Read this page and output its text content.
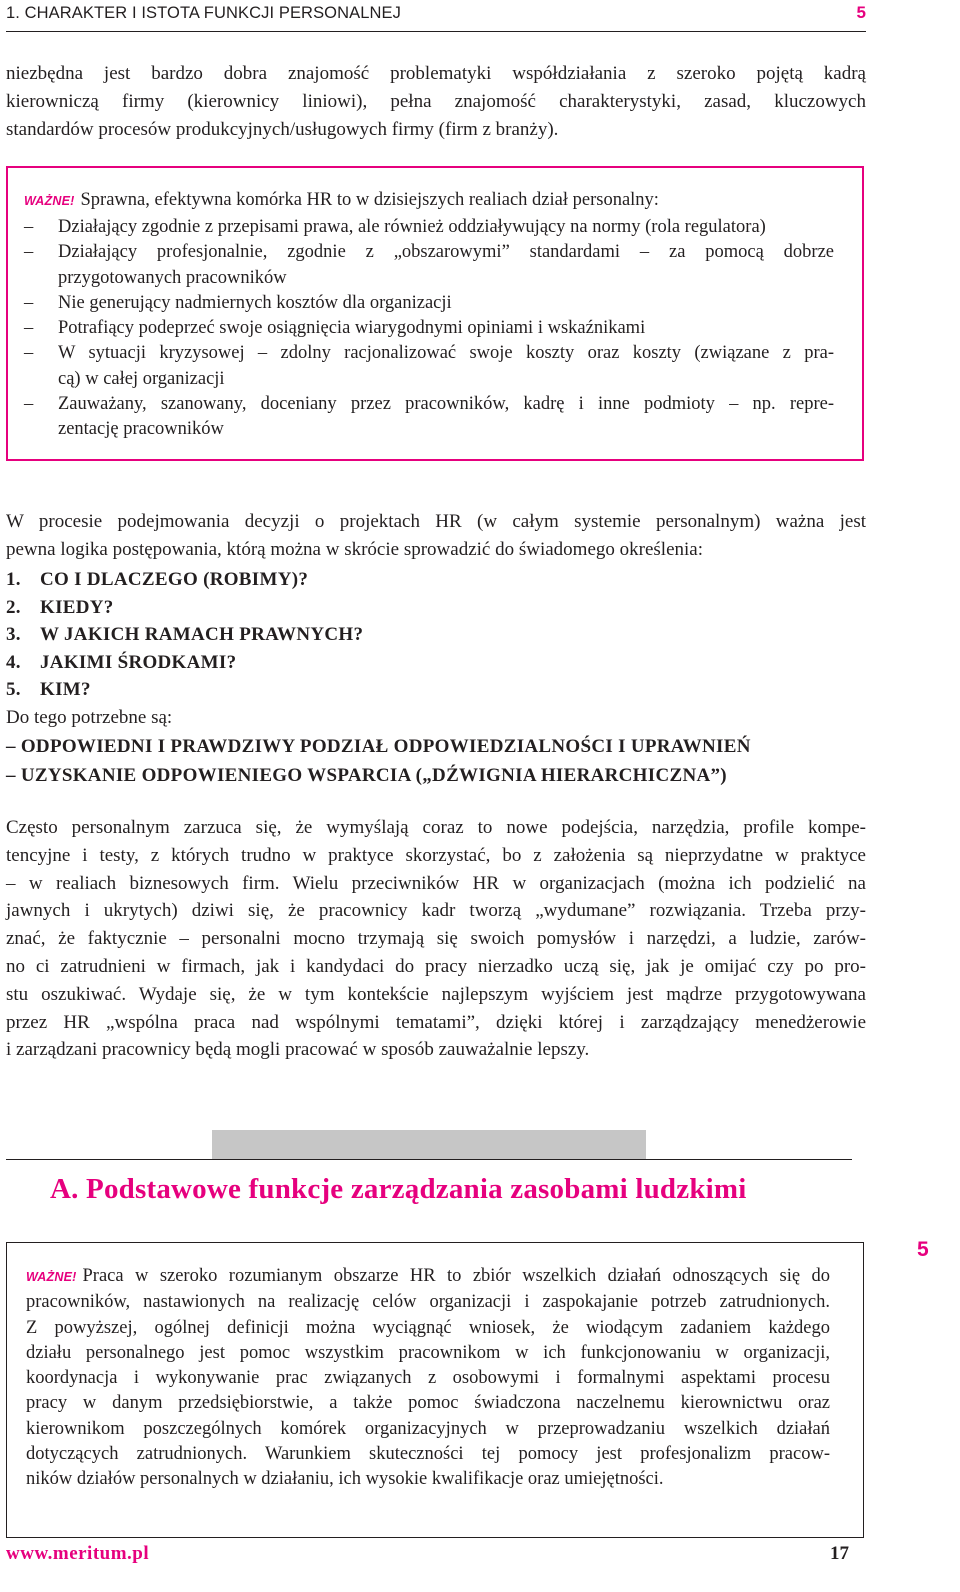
1. CHARAKTER I ISTOTA FUNKCJI PERSONALNEJ	5

niezbędna jest bardzo dobra znajomość problematyki współdziałania z szeroko pojętą kadrą
kierowniczą firmy (kierownicy liniowi), pełna znajomość charakterystyki, zasad, kluczowych
standardów procesów produkcyjnych/usługowych firmy (firm z branży).

WAŻNE! Sprawna, efektywna komórka HR to w dzisiejszych realiach dział personalny:

– Działający zgodnie z przepisami prawa, ale również oddziaływujący na normy (rola regulatora)
– Działający profesjonalnie, zgodnie z „obszarowymi” standardami – za pomocą dobrze
przygotowanych pracowników
– Nie generujący nadmiernych kosztów dla organizacji
– Potrafiący podeprzeć swoje osiągnięcia wiarygodnymi opiniami i wskaźnikami
– W sytuacji kryzysowej – zdolny racjonalizować swoje koszty oraz koszty (związane z pra-
cą) w całej organizacji
– Zauważany, szanowany, doceniany przez pracowników, kadrę i inne podmioty – np. repre-
zentację pracowników

W procesie podejmowania decyzji o projektach HR (w całym systemie personalnym) ważna jest
pewna logika postępowania, którą można w skrócie sprowadzić do świadomego określenia:

1. CO I DLACZEGO (ROBIMY)?
2. KIEDY?
3. W JAKICH RAMACH PRAWNYCH?
4. JAKIMI ŚRODKAMI?
5. KIM?
Do tego potrzebne są:
– ODPOWIEDNI I PRAWDZIWY PODZIAŁ ODPOWIEDZIALNOŚCI I UPRAWNIEŃ
– UZYSKANIE ODPOWIENIEGO WSPARCIA („DŹWIGNIA HIERARCHICZNA”)

Często personalnym zarzuca się, że wymyślają coraz to nowe podejścia, narzędzia, profile kompe-
tencyjne i testy, z których trudno w praktyce skorzystać, bo z założenia są nieprzydatne w praktyce
– w realiach biznesowych firm. Wielu przeciwników HR w organizacjach (można ich podzielić na
jawnych i ukrytych) dziwi się, że pracownicy kadr tworzą „wydumane” rozwiązania. Trzeba przy-
znać, że faktycznie – personalni mocno trzymają się swoich pomysłów i narzędzi, a ludzie, zarów-
no ci zatrudnieni w firmach, jak i kandydaci do pracy nierzadko uczą się, jak je omijać czy po pro-
stu oszukiwać. Wydaje się, że w tym kontekście najlepszym wyjściem jest mądrze przygotowywana
przez HR „wspólna praca nad wspólnymi tematami”, dzięki której i zarządzający menedżerowie
i zarządzani pracownicy będą mogli pracować w sposób zauważalnie lepszy.

A. Podstawowe funkcje zarządzania zasobami ludzkimi
5

WAŻNE! Praca w szeroko rozumianym obszarze HR to zbiór wszelkich działań odnoszących się do
pracowników, nastawionych na realizację celów organizacji i zaspokajanie potrzeb zatrudnionych.
Z powyższej, ogólnej definicji można wyciągnąć wniosek, że wiodącym zadaniem każdego
działu personalnego jest pomoc wszystkim pracownikom w ich funkcjonowaniu w organizacji,
koordynacja i wykonywanie prac związanych z osobowymi i formalnymi aspektami procesu
pracy w danym przedsiębiorstwie, a także pomoc świadczona naczelnemu kierownictwu oraz
kierownikom poszczególnych komórek organizacyjnych w przeprowadzaniu wszelkich działań
dotyczących zatrudnionych. Warunkiem skuteczności tej pomocy jest profesjonalizm pracow-
ników działów personalnych w działaniu, ich wysokie kwalifikacje oraz umiejętności.

www.meritum.pl	17
